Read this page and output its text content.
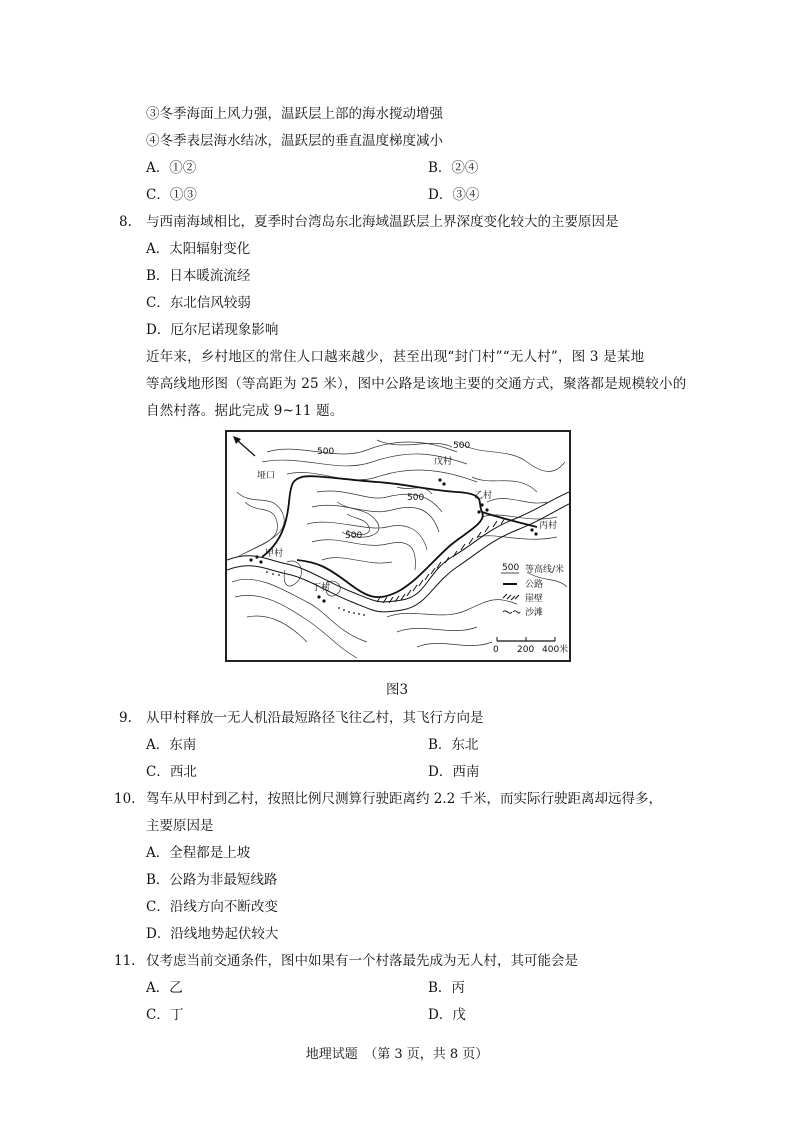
③冬季海面上风力强，温跃层上部的海水搅动增强
④冬季表层海水结冰，温跃层的垂直温度梯度减小
A．①②	B．②④
C．①③	D．③④
8. 与西南海域相比，夏季时台湾岛东北海域温跃层上界深度变化较大的主要原因是
A．太阳辐射变化
B．日本暖流流经
C．东北信风较弱
D．厄尔尼诺现象影响
近年来，乡村地区的常住人口越来越少，甚至出现“封门村”“无人村”，图 3 是某地
等高线地形图（等高距为 25 米），图中公路是该地主要的交通方式，聚落都是规模较小的
自然村落。据此完成 9~11 题。
500
500
500
500
垭口
戊村
乙村
丙村
甲村
丁村
500 等高线/米
公路
崖壁
沙滩
0 200 400米
图3
9. 从甲村释放一无人机沿最短路径飞往乙村，其飞行方向是
A．东南	B．东北
C．西北	D．西南
10. 驾车从甲村到乙村，按照比例尺测算行驶距离约 2.2 千米，而实际行驶距离却远得多，
主要原因是
A．全程都是上坡
B．公路为非最短线路
C．沿线方向不断改变
D．沿线地势起伏较大
11. 仅考虑当前交通条件，图中如果有一个村落最先成为无人村，其可能会是
A．乙	B．丙
C．丁	D．戊
地理试题　（第 3 页，共 8 页）
